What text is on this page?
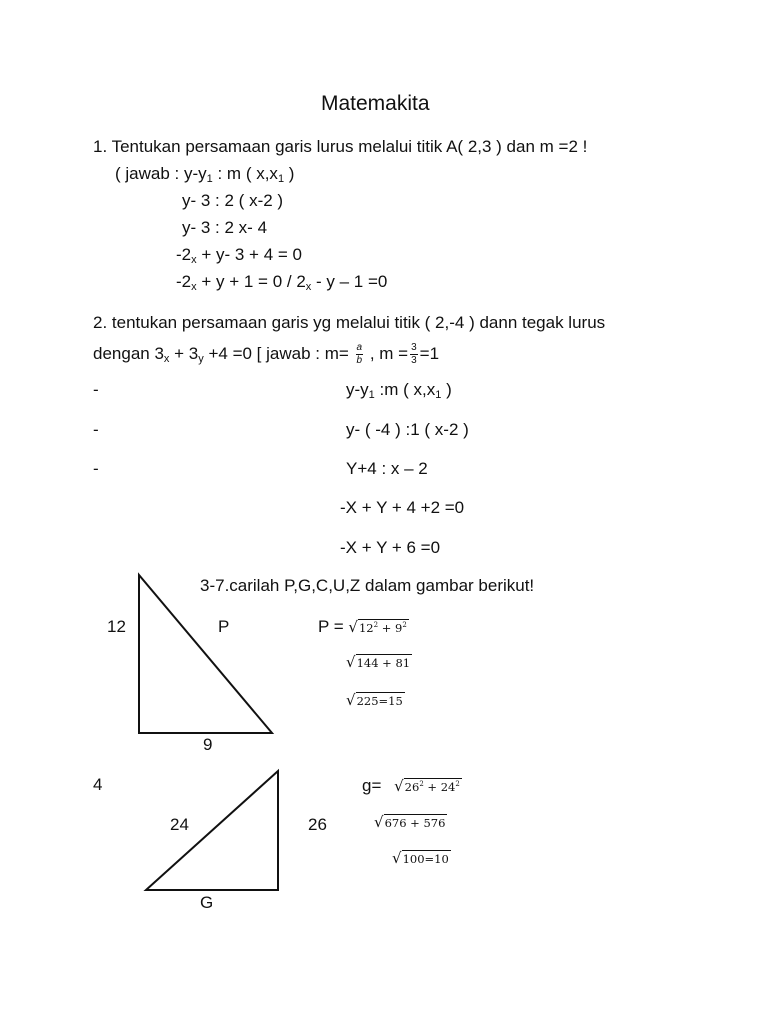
Matemakita
1. Tentukan persamaan garis lurus melalui titik A( 2,3 ) dan m =2 !
( jawab : $y-y_1$ : m ( $x,x_1$ )
y- 3 : 2 ( x-2 )
y- 3 : 2 x- 4
$-2_x + y-$ 3 + 4 = 0
$-2_x + y + 1 = 0 / 2_x - y - 1 =0$
2. tentukan persamaan garis yg melalui titik ( 2,-4 ) dann tegak lurus
dengan $3_x + 3_y +4 =0$ [ jawab : $m= \frac{a}{b}$ , $m = \frac{3}{3} =1$
-
-
-
$y-y_1$ :m ( $x,x_1$ )
y- ( -4 ) :1 ( x-2 )
Y+4 : x – 2
-X + Y + 4 +2 =0
-X + Y + 6 =0
3-7.carilah P,G,C,U,Z dalam gambar berikut!
12	P
9
$P = √12^2 + 9^2$
√144 + 81
√225=15
4
24	26
G
$g= √26^2 + 24^2$
√676 + 576
√100=10
